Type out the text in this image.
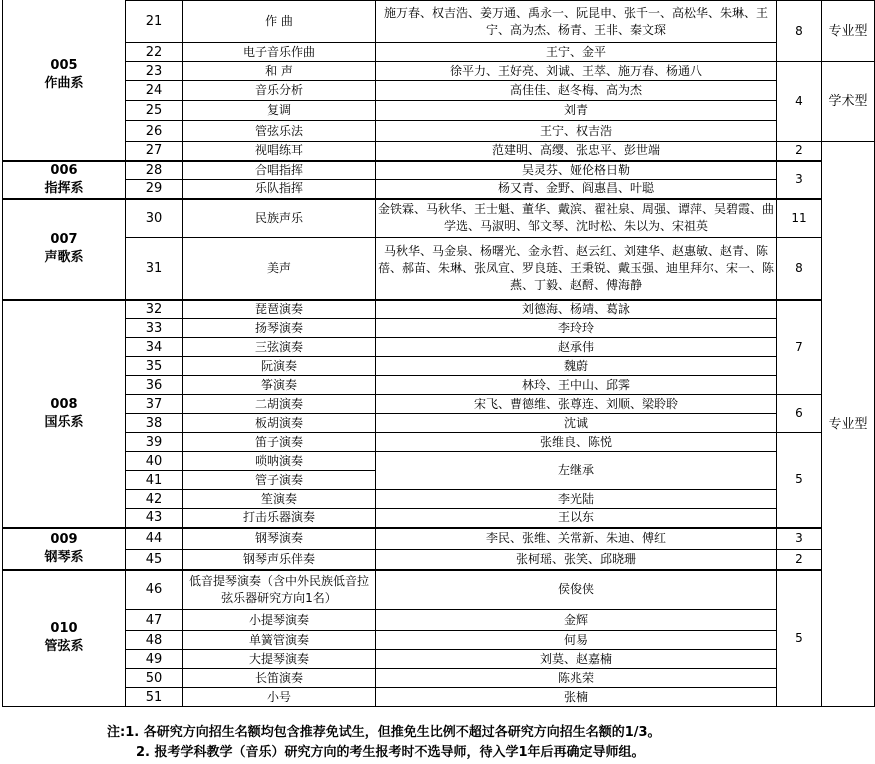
005
作曲系					
	21	作 曲	施万春、权吉浩、姜万通、禹永一、阮昆申、张千一、高松华、朱琳、王宁、高为杰、杨青、王非、秦文琛	8	专业型
	22	电子音乐作曲	王宁、金平		
	23	和 声	徐平力、王好亮、刘诚、王萃、施万春、杨通八	4	学术型
	24	音乐分析	高佳佳、赵冬梅、高为杰		
	25	复调	刘青		
	26	管弦乐法	王宁、权吉浩		
	27	视唱练耳	范建明、高缨、张忠平、彭世端	2	专业型
006
指挥系	28	合唱指挥	吴灵芬、娅伦格日勒	3	
	29	乐队指挥	杨又青、金野、阎惠昌、叶聪		
007
声歌系	30	民族声乐	金铁霖、马秋华、王士魁、董华、戴滨、翟社泉、周强、谭萍、吴碧霞、曲学选、马淑明、邹文琴、沈时松、朱以为、宋祖英	11	
	31	美声	马秋华、马金泉、杨曙光、金永哲、赵云红、刘建华、赵惠敏、赵青、陈蓓、郝苗、朱琳、张凤宣、罗良琏、王秉锐、戴玉强、迪里拜尔、宋一、陈燕、丁毅、赵酹、傅海静	8	
008
国乐系	32	琵琶演奏	刘德海、杨靖、葛詠	7	
	33	扬琴演奏	李玲玲		
	34	三弦演奏	赵承伟		
	35	阮演奏	魏蔚		
	36	筝演奏	林玲、王中山、邱霁		
	37	二胡演奏	宋飞、曹德维、张尊连、刘顺、梁聆聆	6	
	38	板胡演奏	沈诚		
	39	笛子演奏	张维良、陈悦	5	
	40	唢呐演奏	左继承		
	41	管子演奏			
	42	笙演奏	李光陆		
	43	打击乐器演奏	王以东		
009
钢琴系	44	钢琴演奏	李民、张维、关常新、朱迪、傅红	3	
	45	钢琴声乐伴奏	张柯瑶、张笑、邱晓珊	2	
010
管弦系	46	低音提琴演奏（含中外民族低音拉弦乐器研究方向1名）	侯俊侠	5	
	47	小提琴演奏	金辉		
	48	单簧管演奏	何易		
	49	大提琴演奏	刘莫、赵嘉楠		
	50	长笛演奏	陈兆荣		
	51	小号	张楠		
注:1. 各研究方向招生名额均包含推荐免试生，但推免生比例不超过各研究方向招生名额的1/3。
2. 报考学科教学（音乐）研究方向的考生报考时不选导师，待入学1年后再确定导师组。
